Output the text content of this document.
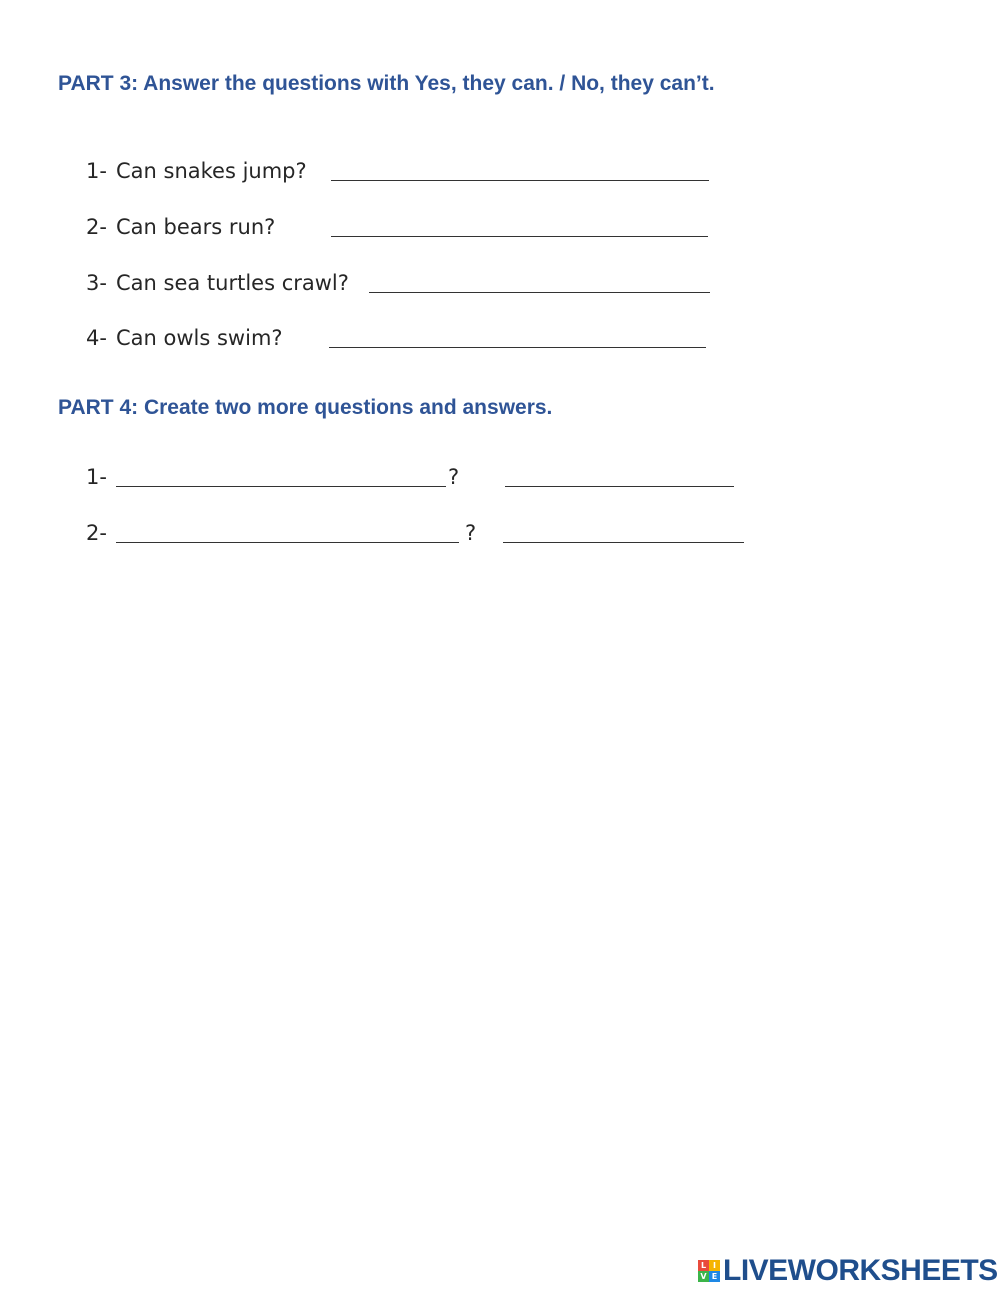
PART 3: Answer the questions with Yes, they can. / No, they can’t.
1- Can snakes jump?
2- Can bears run?
3- Can sea turtles crawl?
4- Can owls swim?
PART 4: Create two more questions and answers.
1-	?
2-	?
L I
V E LIVEWORKSHEETS
